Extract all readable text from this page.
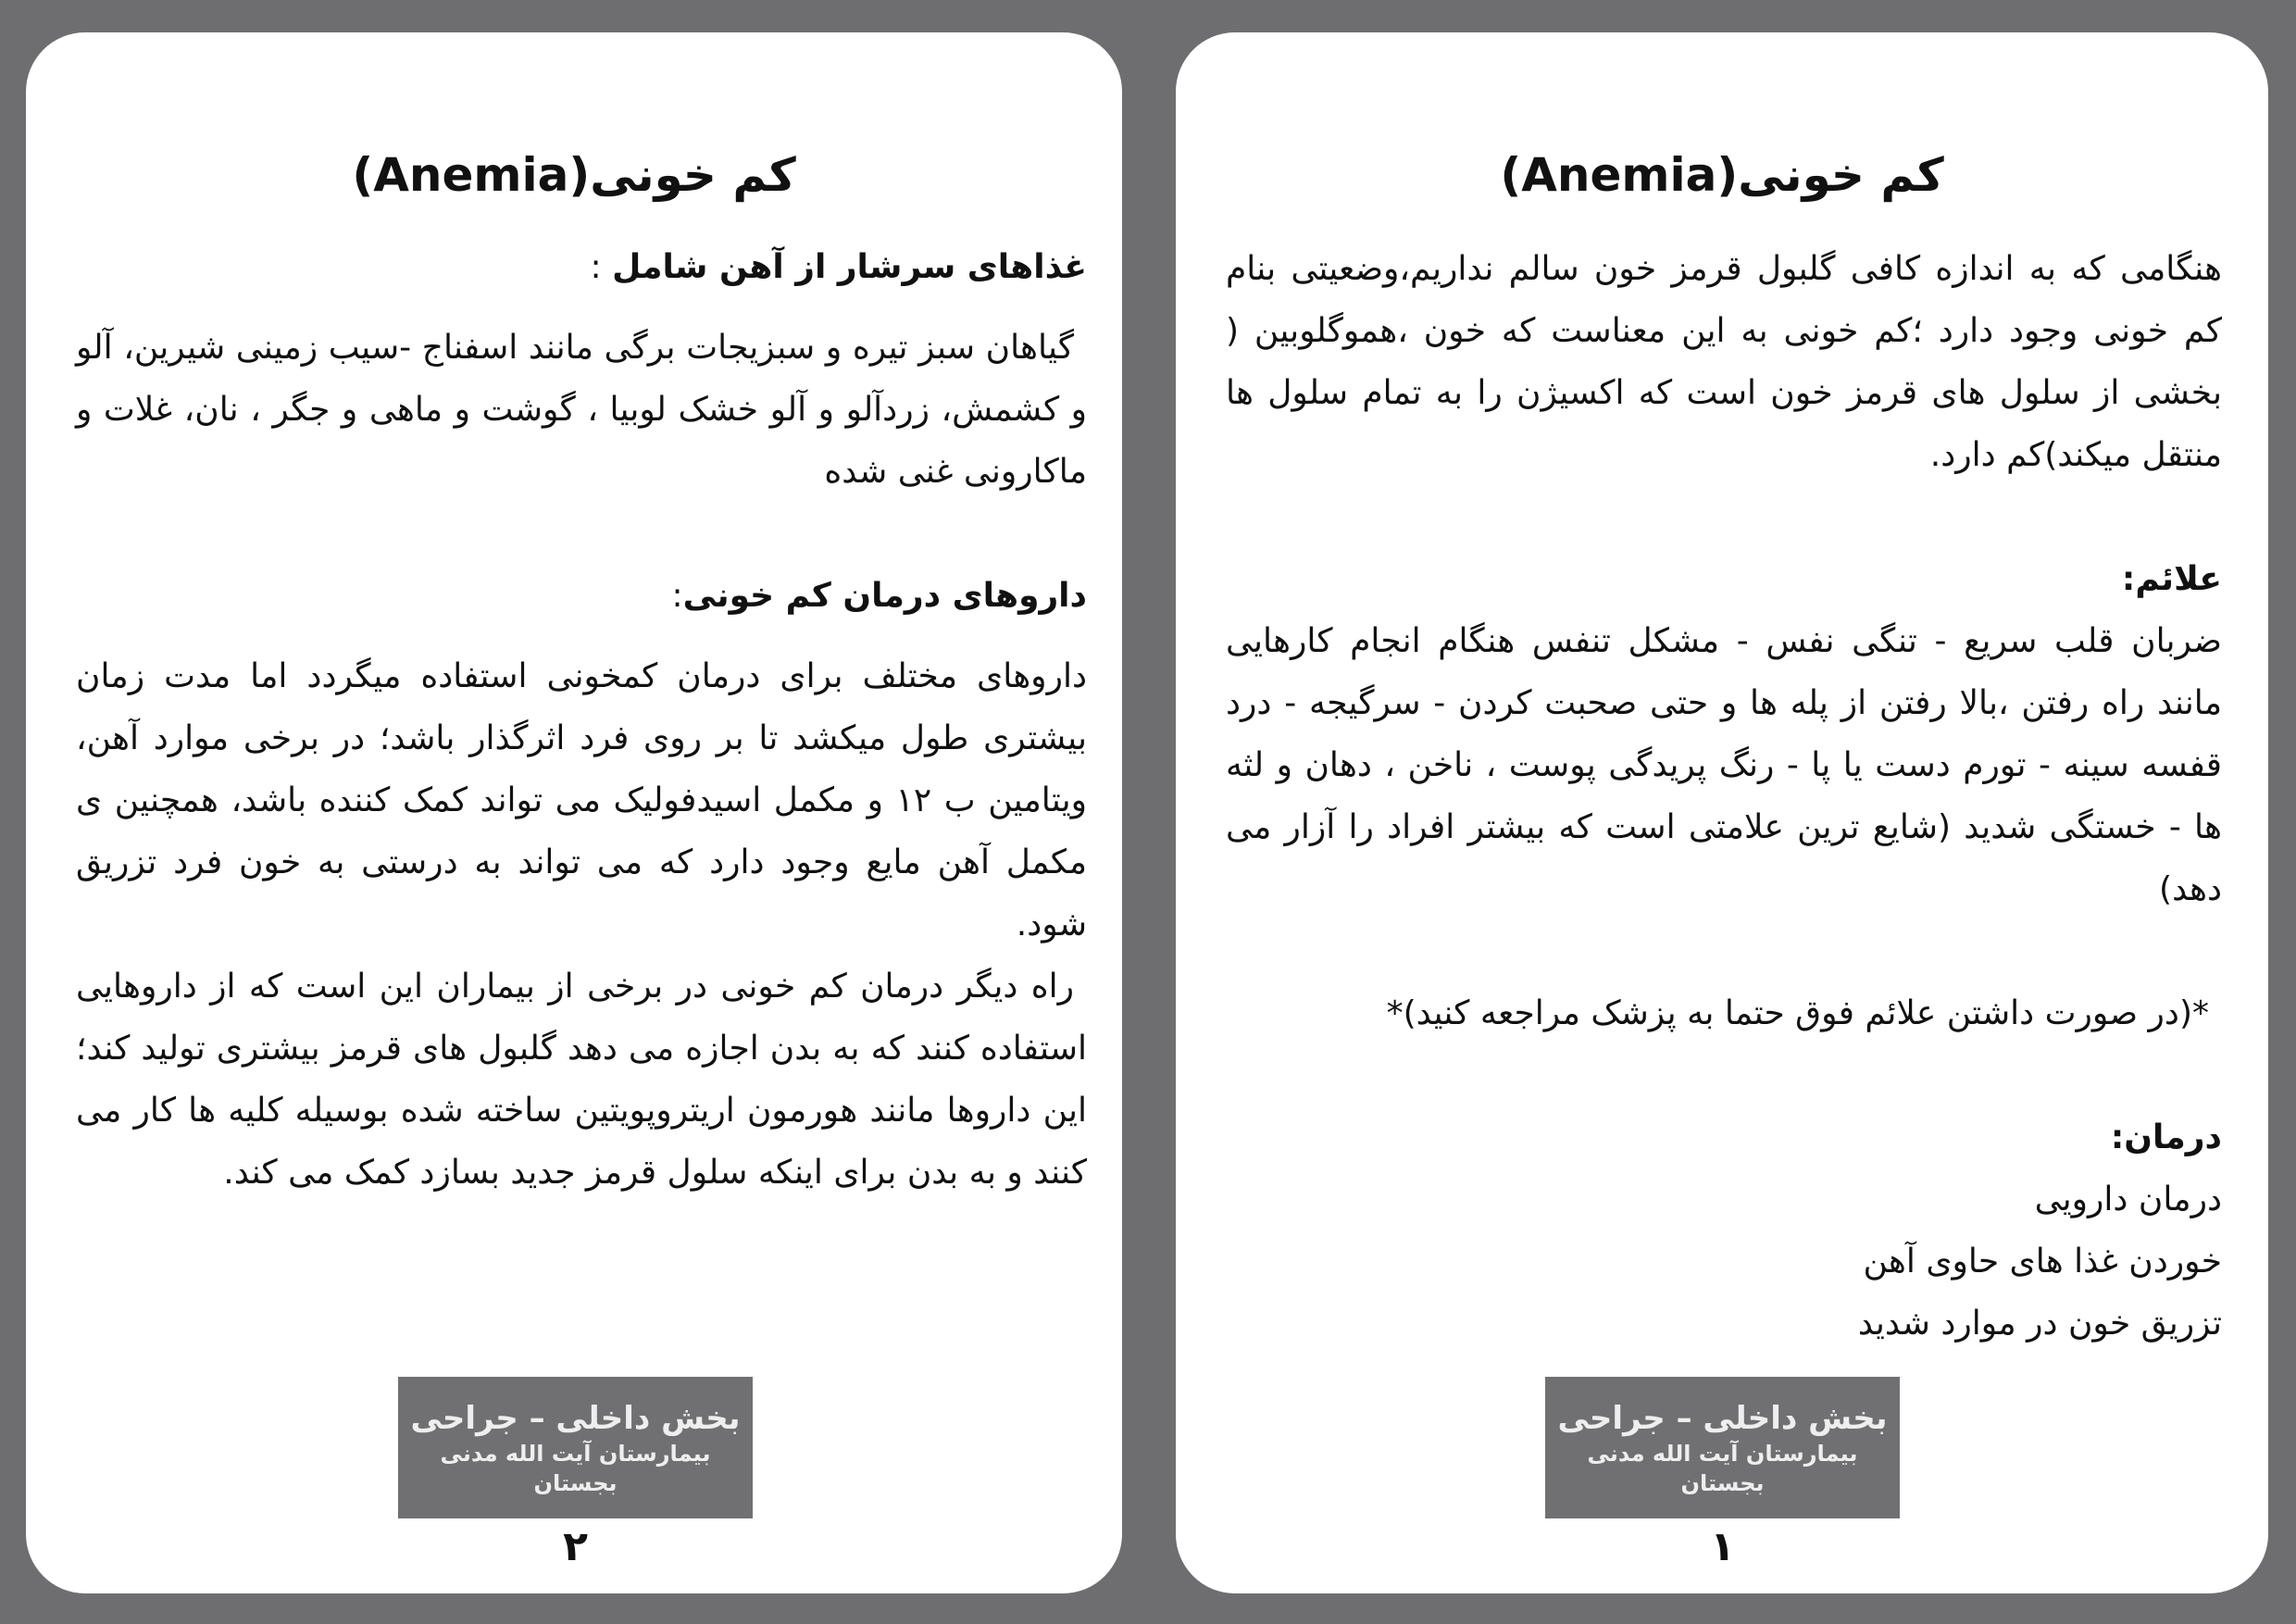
کم خونی(Anemia)

هنگامی که به اندازه کافی گلبول قرمز خون سالم نداریم،وضعیتی بنام کم خونی وجود دارد ؛کم خونی به این معناست که خون ،هموگلوبین ( بخشی از سلول های قرمز خون است که اکسیژن را به تمام سلول ها منتقل میکند)کم دارد.

علائم:

ضربان قلب سریع - تنگی نفس - مشکل تنفس هنگام انجام کارهایی مانند راه رفتن ،بالا رفتن از پله ها و حتی صحبت کردن - سرگیجه - درد قفسه سینه - تورم دست یا پا - رنگ پریدگی پوست ، ناخن ، دهان و لثه ها - خستگی شدید (شایع ترین علامتی است که بیشتر افراد را آزار می دهد)

*(در صورت داشتن علائم فوق حتما به پزشک مراجعه کنید)*

درمان:

درمان دارویی

خوردن غذا های حاوی آهن

تزریق خون در موارد شدید

بخش داخلی – جراحی
بیمارستان آیت الله مدنی بجستان
۱
کم خونی(Anemia)

غذاهای سرشار از آهن شامل :

گیاهان سبز تیره و سبزیجات برگی مانند اسفناج -سیب زمینی شیرین، آلو و کشمش، زردآلو و آلو خشک لوبیا ، گوشت و ماهی و جگر ، نان، غلات و ماکارونی غنی شده

داروهای درمان کم خونی:

داروهای مختلف برای درمان کمخونی استفاده میگردد اما مدت زمان بیشتری طول میکشد تا بر روی فرد اثرگذار باشد؛ در برخی موارد آهن، ویتامین ب ۱۲ و مکمل اسیدفولیک می تواند کمک کننده باشد، همچنین ی مکمل آهن مایع وجود دارد که می تواند به درستی به خون فرد تزریق شود.

راه دیگر درمان کم خونی در برخی از بیماران این است که از داروهایی استفاده کنند که به بدن اجازه می دهد گلبول های قرمز بیشتری تولید کند؛ این داروها مانند هورمون اریتروپویتین ساخته شده بوسیله کلیه ها کار می کنند و به بدن برای اینکه سلول قرمز جدید بسازد کمک می کند.

بخش داخلی – جراحی
بیمارستان آیت الله مدنی بجستان
۲
